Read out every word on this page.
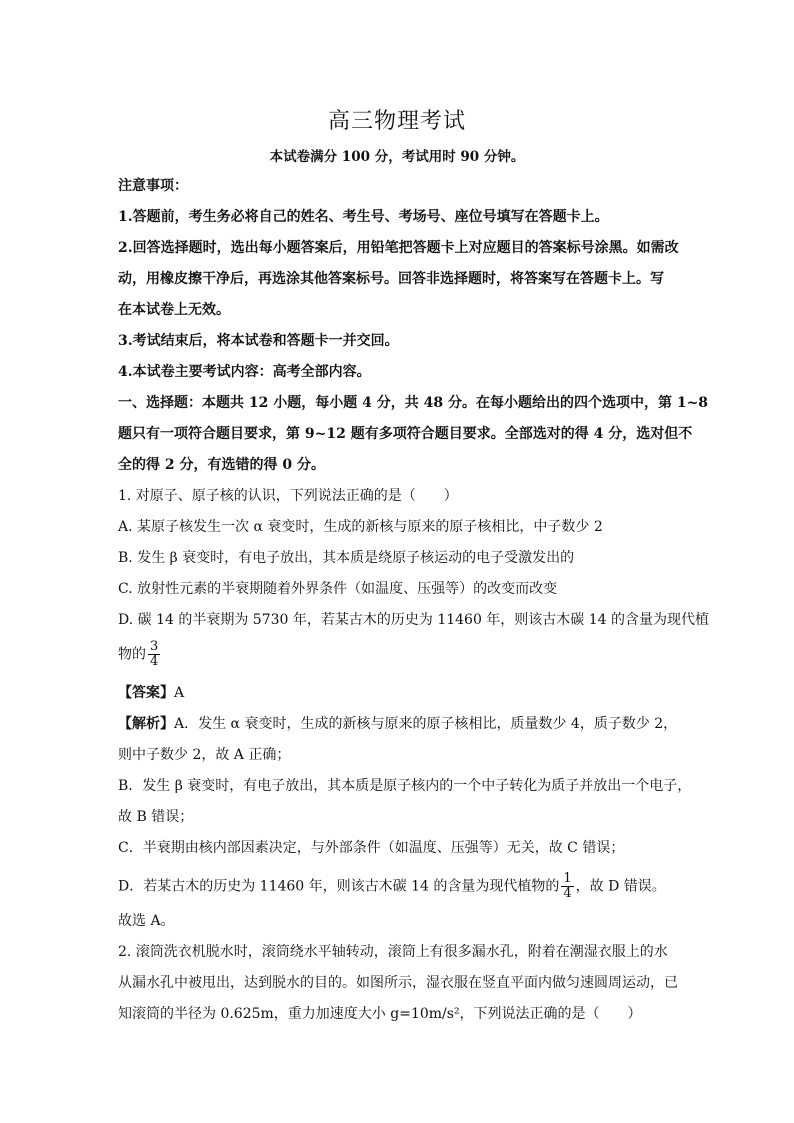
高三物理考试
本试卷满分 100 分，考试用时 90 分钟。
注意事项：
1.答题前，考生务必将自己的姓名、考生号、考场号、座位号填写在答题卡上。
2.回答选择题时，选出每小题答案后，用铅笔把答题卡上对应题目的答案标号涂黑。如需改
动，用橡皮擦干净后，再选涂其他答案标号。回答非选择题时，将答案写在答题卡上。写
在本试卷上无效。
3.考试结束后，将本试卷和答题卡一并交回。
4.本试卷主要考试内容：高考全部内容。
一、选择题：本题共 12 小题，每小题 4 分，共 48 分。在每小题给出的四个选项中，第 1~8
题只有一项符合题目要求，第 9~12 题有多项符合题目要求。全部选对的得 4 分，选对但不
全的得 2 分，有选错的得 0 分。
1. 对原子、原子核的认识，下列说法正确的是（　　）
A. 某原子核发生一次 α 衰变时，生成的新核与原来的原子核相比，中子数少 2
B. 发生 β 衰变时，有电子放出，其本质是绕原子核运动的电子受激发出的
C. 放射性元素的半衰期随着外界条件（如温度、压强等）的改变而改变
D. 碳 14 的半衰期为 5730 年，若某古木的历史为 11460 年，则该古木碳 14 的含量为现代植
物的 $\frac{3}{4}$
【答案】A
【解析】A．发生 α 衰变时，生成的新核与原来的原子核相比，质量数少 4，质子数少 2，
则中子数少 2，故 A 正确；
B．发生 β 衰变时，有电子放出，其本质是原子核内的一个中子转化为质子并放出一个电子，
故 B 错误；
C．半衰期由核内部因素决定，与外部条件（如温度、压强等）无关，故 C 错误；
D．若某古木的历史为 11460 年，则该古木碳 14 的含量为现代植物的 $\frac{1}{4}$ ，故 D 错误。
故选 A。
2. 滚筒洗衣机脱水时，滚筒绕水平轴转动，滚筒上有很多漏水孔，附着在潮湿衣服上的水
从漏水孔中被甩出，达到脱水的目的。如图所示，湿衣服在竖直平面内做匀速圆周运动，已
知滚筒的半径为 0.625m，重力加速度大小 g=10m/s²，下列说法正确的是（　　）
